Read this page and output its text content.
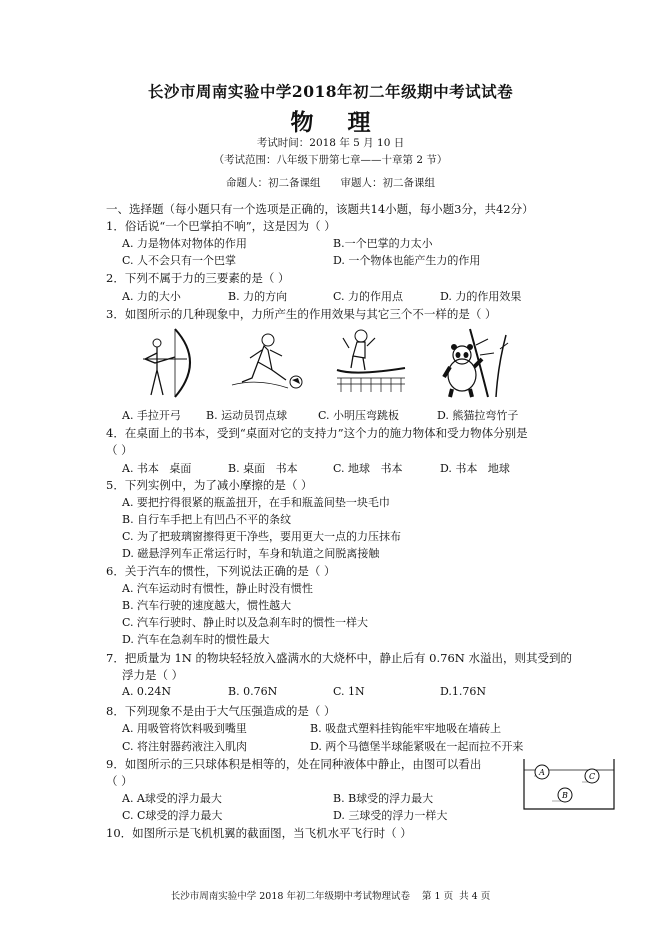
长沙市周南实验中学2018年初二年级期中考试试卷
物理
考试时间：2018 年 5 月 10 日
（考试范围：八年级下册第七章——十章第 2 节）
命题人：初二备课组      审题人：初二备课组
一、选择题（每小题只有一个选项是正确的，该题共14小题，每小题3分，共42分）
1．俗话说“一个巴掌拍不响”，这是因为（ ）
A. 力是物体对物体的作用	B.一个巴掌的力太小
C. 人不会只有一个巴掌	D. 一个物体也能产生力的作用
2．下列不属于力的三要素的是（ ）
A. 力的大小	B. 力的方向	C. 力的作用点	D. 力的作用效果
3．如图所示的几种现象中，力所产生的作用效果与其它三个不一样的是（ ）
A. 手拉开弓 B. 运动员罚点球	C. 小明压弯跳板	D. 熊猫拉弯竹子
4．在桌面上的书本，受到“桌面对它的支持力”这个力的施力物体和受力物体分别是
（ ）
A. 书本   桌面	B. 桌面   书本	C. 地球   书本	D. 书本   地球
5．下列实例中，为了减小摩擦的是（ ）
A. 要把拧得很紧的瓶盖扭开，在手和瓶盖间垫一块毛巾
B. 自行车手把上有凹凸不平的条纹
C. 为了把玻璃窗擦得更干净些，要用更大一点的力压抹布
D. 磁悬浮列车正常运行时，车身和轨道之间脱离接触
6．关于汽车的惯性，下列说法正确的是（ ）
A. 汽车运动时有惯性，静止时没有惯性
B. 汽车行驶的速度越大，惯性越大
C. 汽车行驶时、静止时以及急刹车时的惯性一样大
D. 汽车在急刹车时的惯性最大
7．把质量为 1N 的物块轻轻放入盛满水的大烧杯中，静止后有 0.76N 水溢出，则其受到的
浮力是（ ）
A. 0.24N	B. 0.76N	C. 1N	D.1.76N
8．下列现象不是由于大气压强造成的是（ ）
A. 用吸管将饮料吸到嘴里	B. 吸盘式塑料挂钩能牢牢地吸在墙砖上
C. 将注射器药液注入肌肉	D. 两个马德堡半球能紧吸在一起而拉不开来
9．如图所示的三只球体积是相等的，处在同种液体中静止，由图可以看出
（ ）
A. A球受的浮力最大	B. B球受的浮力最大
C. C球受的浮力最大	D. 三球受的浮力一样大
A
B
C
10．如图所示是飞机机翼的截面图，当飞机水平飞行时（ ）
长沙市周南实验中学 2018 年初二年级期中考试物理试卷    第 1 页  共 4 页
